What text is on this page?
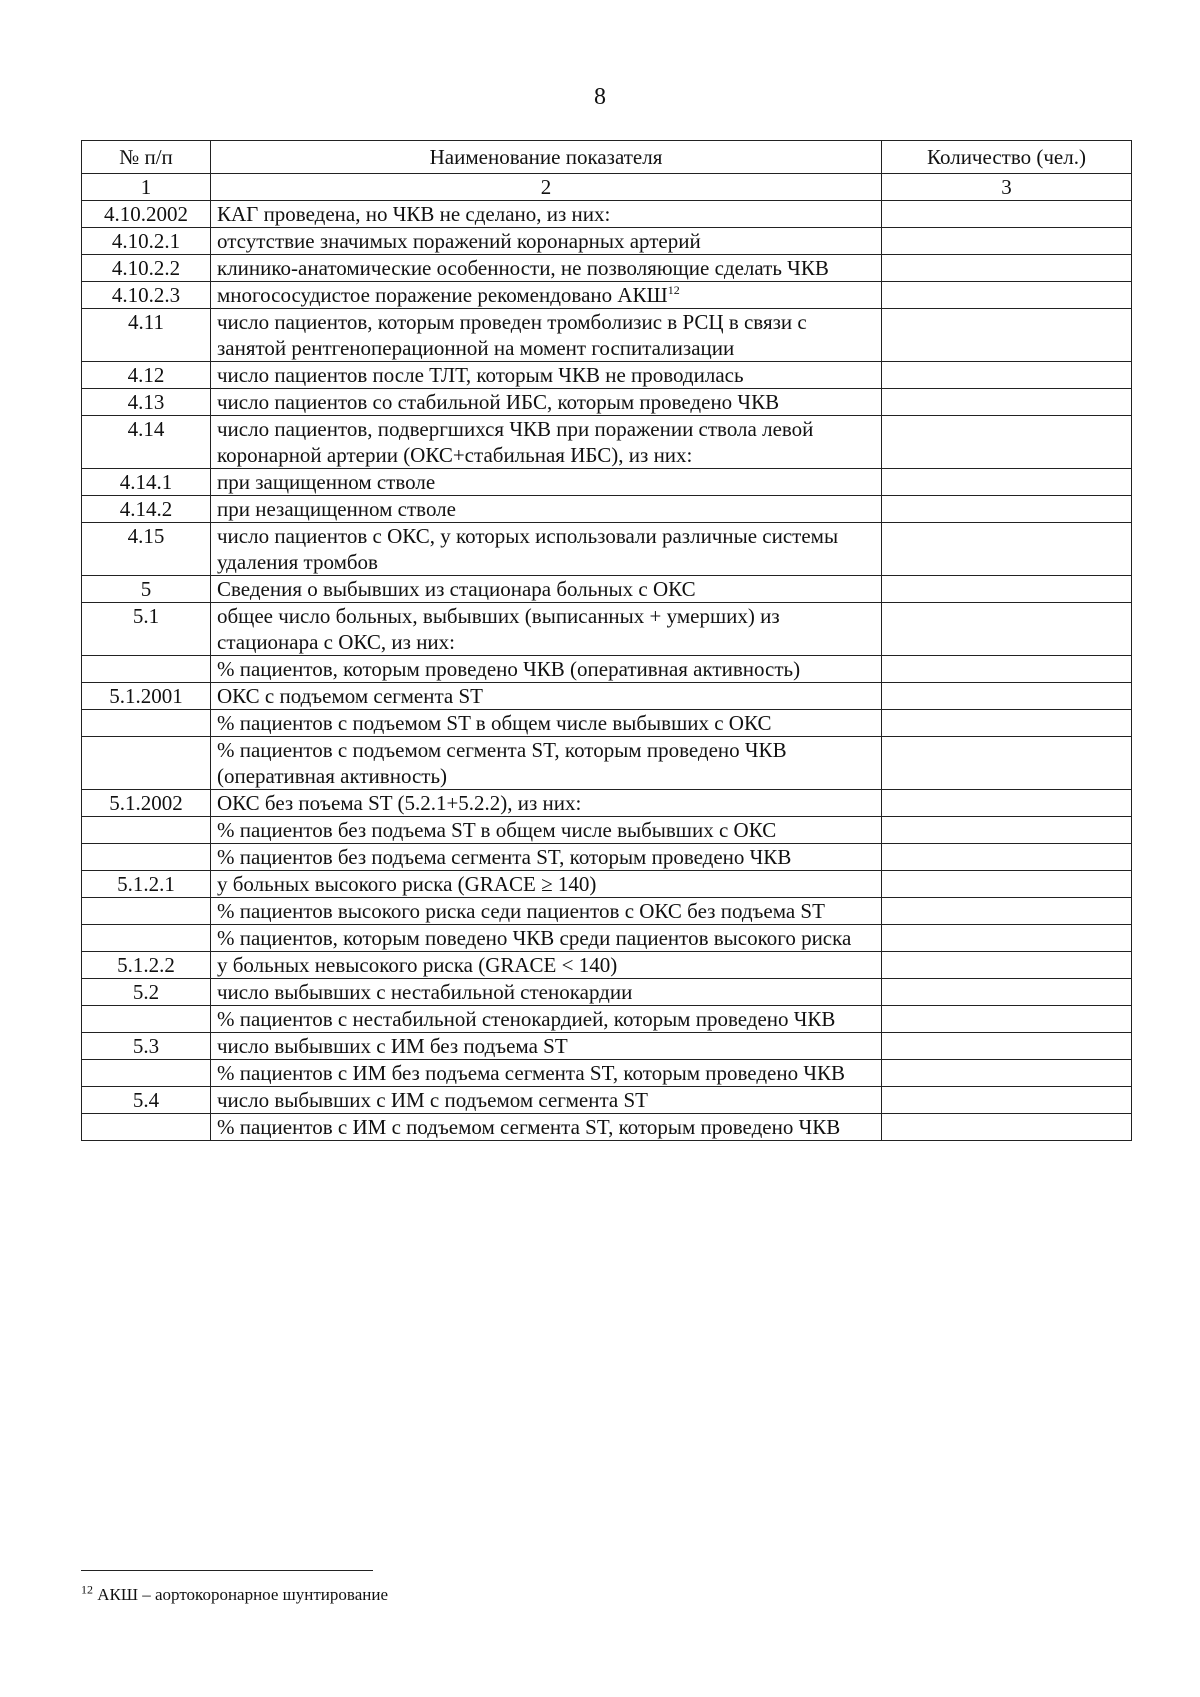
8
№ п/п	Наименование показателя	Количество (чел.)
1	2	3
4.10.2002	КАГ проведена, но ЧКВ не сделано, из них:	
4.10.2.1	отсутствие значимых поражений коронарных артерий	
4.10.2.2	клинико-анатомические особенности, не позволяющие сделать ЧКВ	
4.10.2.3	многососудистое поражение рекомендовано АКШ$^{12}$	
4.11	число пациентов, которым проведен тромболизис в РСЦ в связи с занятой рентгеноперационной на момент госпитализации	
4.12	число пациентов после ТЛТ, которым ЧКВ не проводилась	
4.13	число пациентов со стабильной ИБС, которым проведено ЧКВ	
4.14	число пациентов, подвергшихся ЧКВ при поражении ствола левой коронарной артерии (ОКС+стабильная ИБС), из них:	
4.14.1	при защищенном стволе	
4.14.2	при незащищенном стволе	
4.15	число пациентов с ОКС, у которых использовали различные системы удаления тромбов	
5	Сведения о выбывших из стационара больных с ОКС	
5.1	общее число больных, выбывших (выписанных + умерших) из стационара с ОКС, из них:	
	% пациентов, которым проведено ЧКВ (оперативная активность)	
5.1.2001	ОКС с подъемом сегмента ST	
	% пациентов с подъемом ST в общем числе выбывших с ОКС	
	% пациентов с подъемом сегмента ST, которым проведено ЧКВ (оперативная активность)	
5.1.2002	ОКС без поъема ST (5.2.1+5.2.2), из них:	
	% пациентов без подъема ST в общем числе выбывших с ОКС	
	% пациентов без подъема сегмента ST, которым проведено ЧКВ	
5.1.2.1	у больных высокого риска (GRACE ≥ 140)	
	% пациентов высокого риска седи пациентов с ОКС без подъема ST	
	% пациентов, которым поведено ЧКВ среди пациентов высокого риска	
5.1.2.2	у больных невысокого риска (GRACE < 140)	
5.2	число выбывших с нестабильной стенокардии	
	% пациентов с нестабильной стенокардией, которым проведено ЧКВ	
5.3	число выбывших с ИМ без подъема ST	
	% пациентов с ИМ без подъема сегмента ST, которым проведено ЧКВ	
5.4	число выбывших с ИМ с подъемом сегмента ST	
	% пациентов с ИМ с подъемом сегмента ST, которым проведено ЧКВ	
$^{12}$ АКШ – аортокоронарное шунтирование
